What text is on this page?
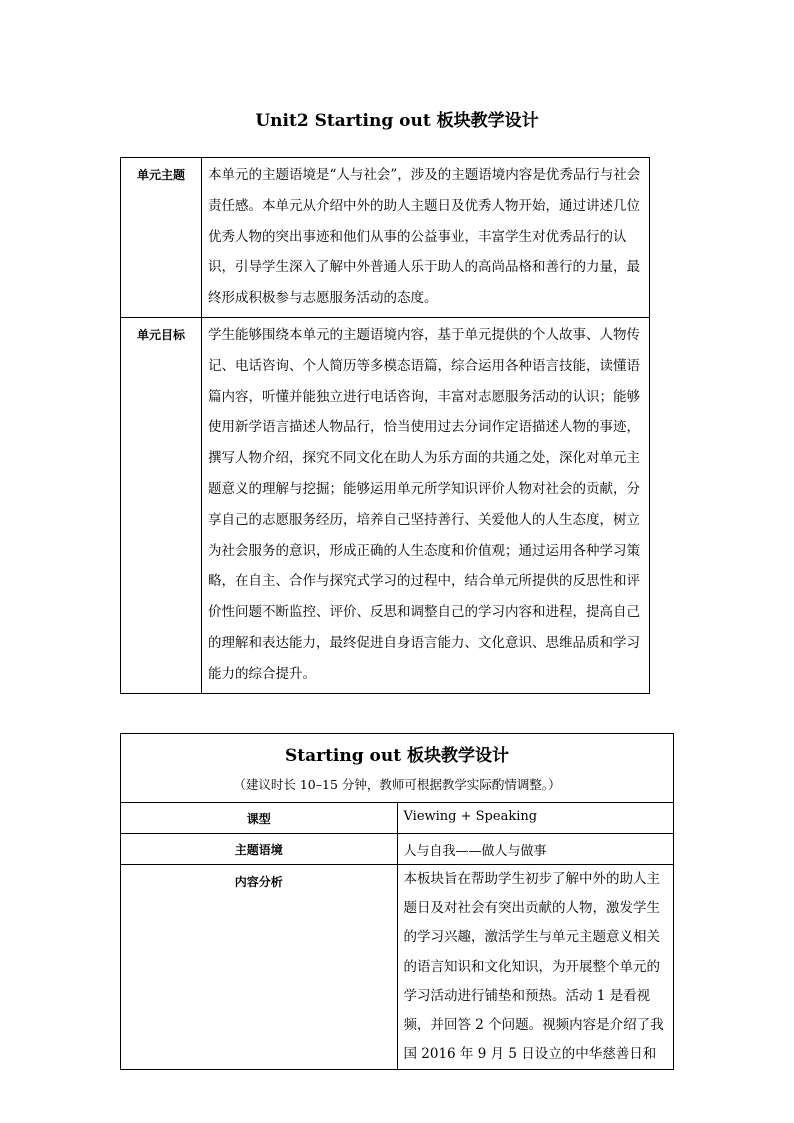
Unit2 Starting out 板块教学设计
单元主题	本单元的主题语境是“人与社会”，涉及的主题语境内容是优秀品行与社会责任感。本单元从介绍中外的助人主题日及优秀人物开始，通过讲述几位优秀人物的突出事迹和他们从事的公益事业，丰富学生对优秀品行的认识，引导学生深入了解中外普通人乐于助人的高尚品格和善行的力量，最终形成积极参与志愿服务活动的态度。
单元目标	学生能够围绕本单元的主题语境内容，基于单元提供的个人故事、人物传记、电话咨询、个人简历等多模态语篇，综合运用各种语言技能，读懂语篇内容，听懂并能独立进行电话咨询，丰富对志愿服务活动的认识；能够使用新学语言描述人物品行，恰当使用过去分词作定语描述人物的事迹，撰写人物介绍，探究不同文化在助人为乐方面的共通之处，深化对单元主题意义的理解与挖掘；能够运用单元所学知识评价人物对社会的贡献，分享自己的志愿服务经历，培养自己坚持善行、关爱他人的人生态度，树立为社会服务的意识，形成正确的人生态度和价值观；通过运用各种学习策略，在自主、合作与探究式学习的过程中，结合单元所提供的反思性和评价性问题不断监控、评价、反思和调整自己的学习内容和进程，提高自己的理解和表达能力，最终促进自身语言能力、文化意识、思维品质和学习能力的综合提升。
Starting out 板块教学设计
（建议时长 10–15 分钟，教师可根据教学实际酌情调整。）	

课型	Viewing + Speaking
主题语境	人与自我——做人与做事
内容分析	本板块旨在帮助学生初步了解中外的助人主题日及对社会有突出贡献的人物，激发学生的学习兴趣，激活学生与单元主题意义相关的语言知识和文化知识，为开展整个单元的学习活动进行铺垫和预热。活动 1 是看视频，并回答 2 个问题。视频内容是介绍了我国 2016 年 9 月 5 日设立的中华慈善日和
